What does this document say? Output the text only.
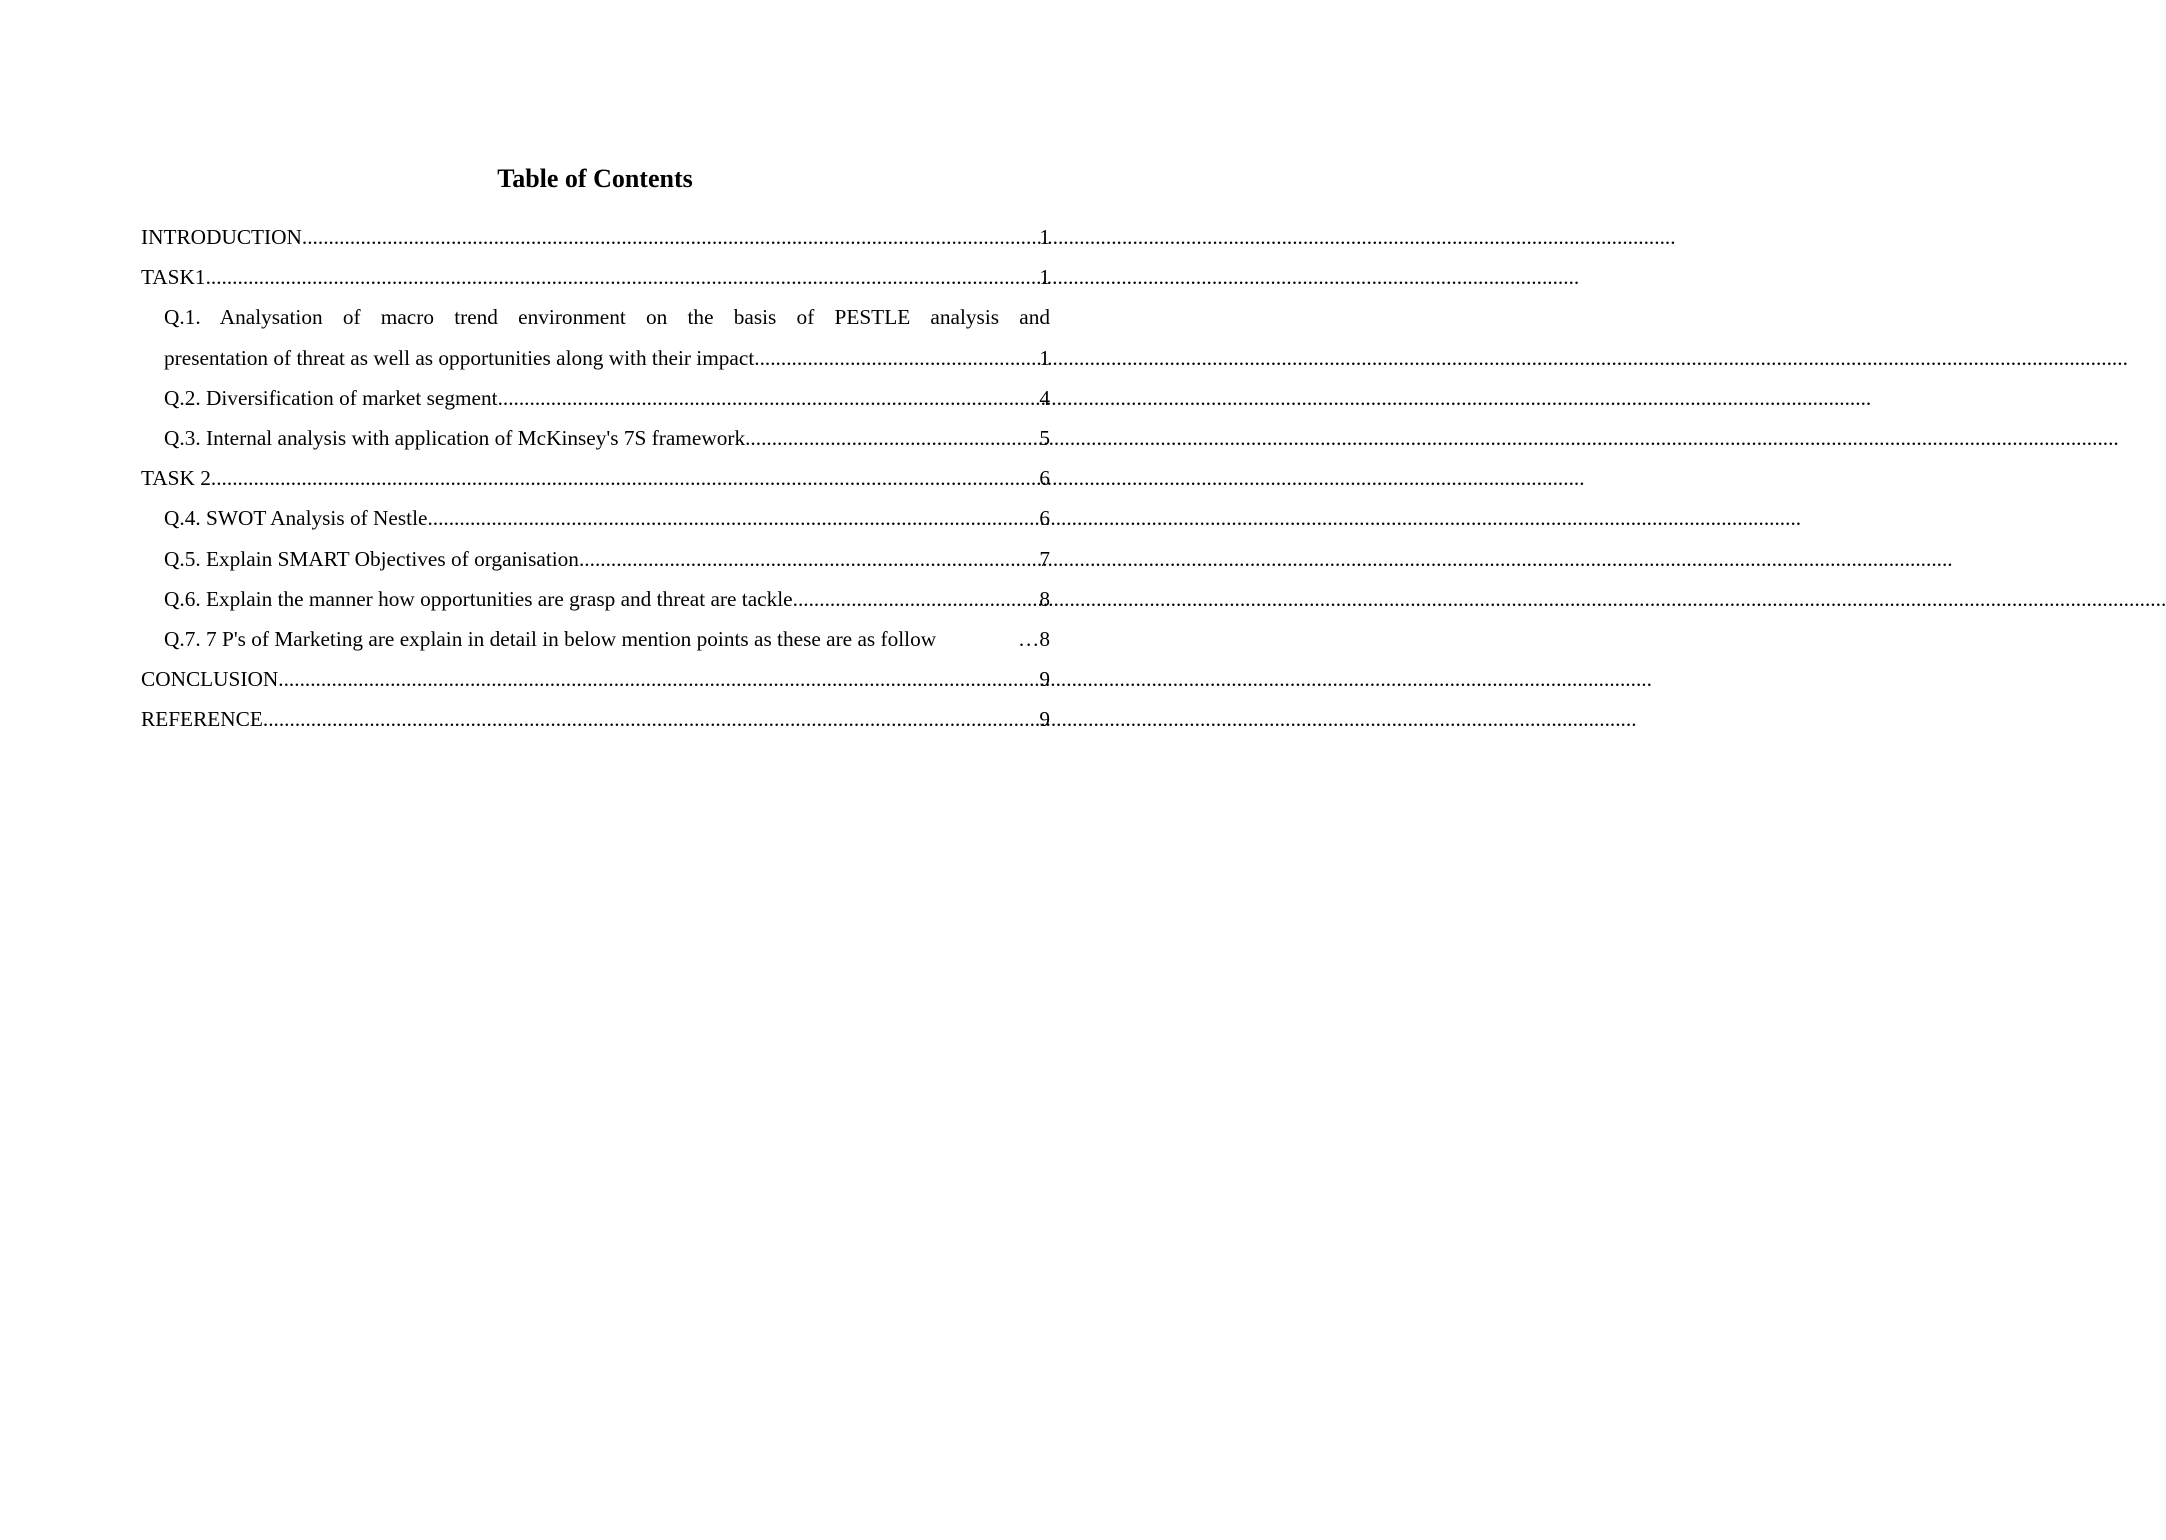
Table of Contents
INTRODUCTION .....	1
TASK1 .....	1
Q.1. Analysation of macro trend environment on the basis of PESTLE analysis and
presentation of threat as well as opportunities along with their impact .....	1
Q.2. Diversification of market segment .....	4
Q.3. Internal analysis with application of McKinsey's 7S framework .....	5
TASK 2 .....	6
Q.4. SWOT Analysis of Nestle .....	6
Q.5. Explain SMART Objectives of organisation .....	7
Q.6. Explain the manner how opportunities are grasp and threat are tackle .....	8
Q.7. 7 P's of Marketing are explain in detail in below mention points as these are as follow	… 8
CONCLUSION .....	9
REFERENCE .....	9
